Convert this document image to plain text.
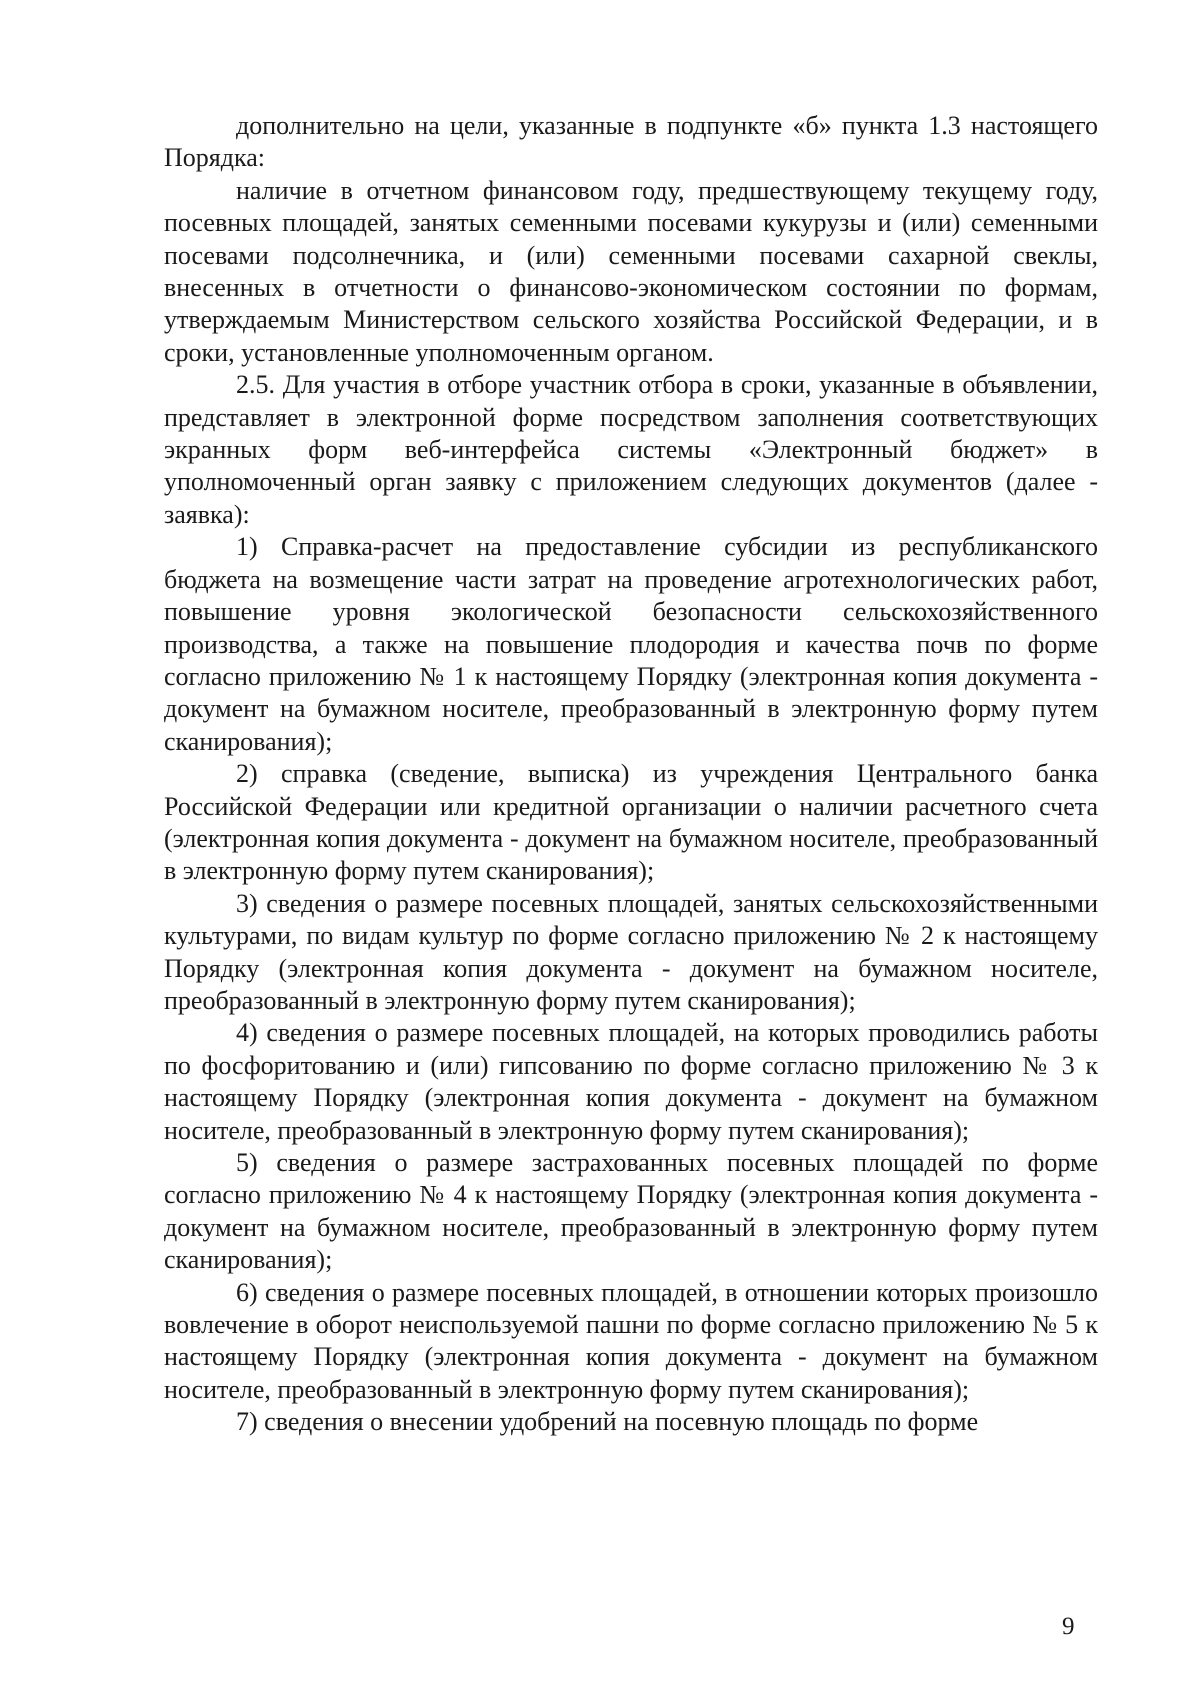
дополнительно на цели, указанные в подпункте «б» пункта 1.3 настоящего Порядка:

наличие в отчетном финансовом году, предшествующему текущему году, посевных площадей, занятых семенными посевами кукурузы и (или) семенными посевами подсолнечника, и (или) семенными посевами сахарной свеклы, внесенных в отчетности о финансово-экономическом состоянии по формам, утверждаемым Министерством сельского хозяйства Российской Федерации, и в сроки, установленные уполномоченным органом.

2.5. Для участия в отборе участник отбора в сроки, указанные в объявлении, представляет в электронной форме посредством заполнения соответствующих экранных форм веб-интерфейса системы «Электронный бюджет» в уполномоченный орган заявку с приложением следующих документов (далее - заявка):

1) Справка-расчет на предоставление субсидии из республиканского бюджета на возмещение части затрат на проведение агротехнологических работ, повышение уровня экологической безопасности сельскохозяйственного производства, а также на повышение плодородия и качества почв по форме согласно приложению № 1 к настоящему Порядку (электронная копия документа - документ на бумажном носителе, преобразованный в электронную форму путем сканирования);

2) справка (сведение, выписка) из учреждения Центрального банка Российской Федерации или кредитной организации о наличии расчетного счета (электронная копия документа - документ на бумажном носителе, преобразованный в электронную форму путем сканирования);

3) сведения о размере посевных площадей, занятых сельскохозяйственными культурами, по видам культур по форме согласно приложению № 2 к настоящему Порядку (электронная копия документа - документ на бумажном носителе, преобразованный в электронную форму путем сканирования);

4) сведения о размере посевных площадей, на которых проводились работы по фосфоритованию и (или) гипсованию по форме согласно приложению № 3 к настоящему Порядку (электронная копия документа - документ на бумажном носителе, преобразованный в электронную форму путем сканирования);

5) сведения о размере застрахованных посевных площадей по форме согласно приложению № 4 к настоящему Порядку (электронная копия документа - документ на бумажном носителе, преобразованный в электронную форму путем сканирования);

6) сведения о размере посевных площадей, в отношении которых произошло вовлечение в оборот неиспользуемой пашни по форме согласно приложению № 5 к настоящему Порядку (электронная копия документа - документ на бумажном носителе, преобразованный в электронную форму путем сканирования);

7) сведения о внесении удобрений на посевную площадь по форме

9
